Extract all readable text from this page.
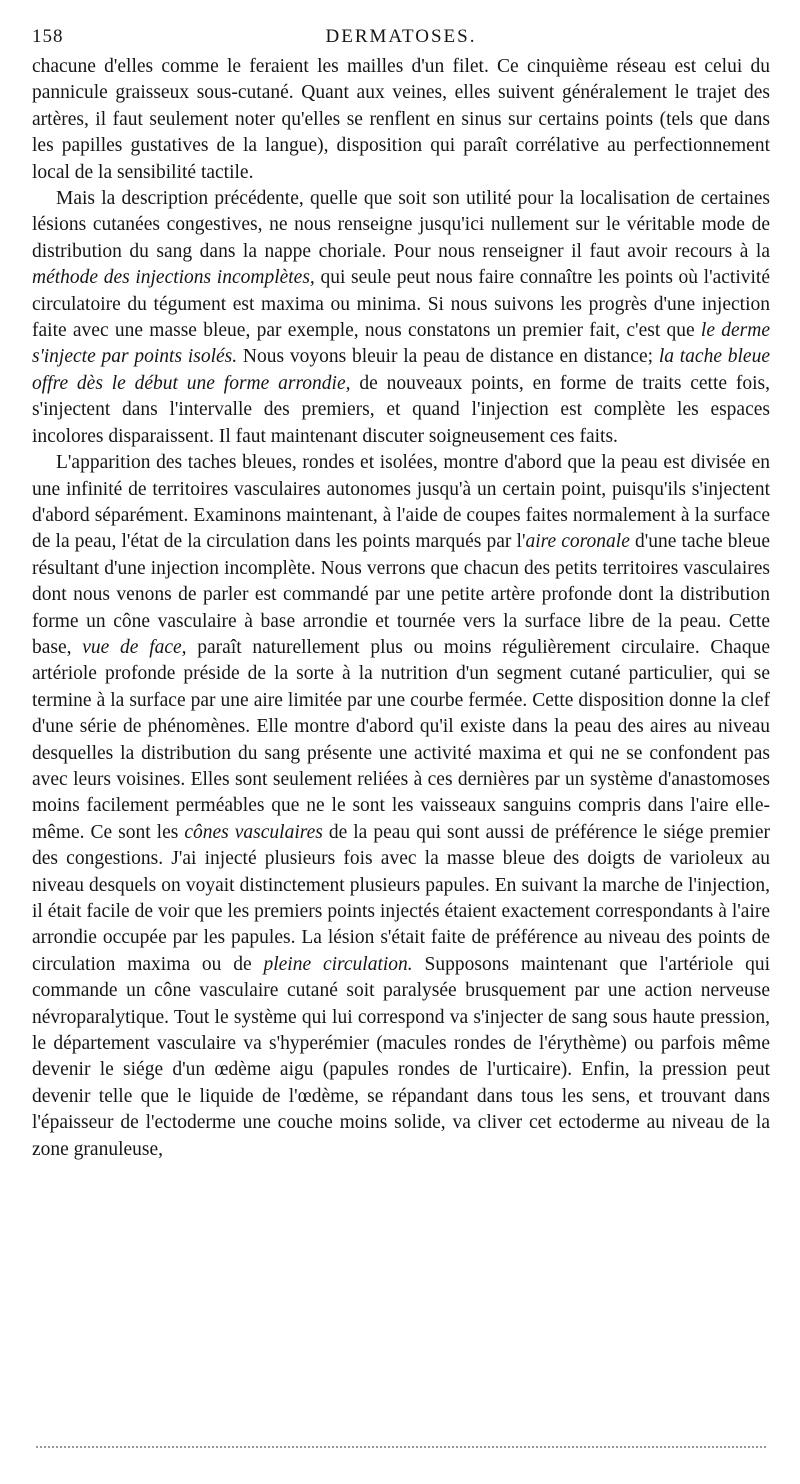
158	DERMATOSES.

chacune d'elles comme le feraient les mailles d'un filet. Ce cinquième réseau est celui du pannicule graisseux sous-cutané. Quant aux veines, elles suivent généralement le trajet des artères, il faut seulement noter qu'elles se renflent en sinus sur certains points (tels que dans les papilles gustatives de la langue), disposition qui paraît corrélative au perfectionnement local de la sensibilité tactile.

Mais la description précédente, quelle que soit son utilité pour la localisation de certaines lésions cutanées congestives, ne nous renseigne jusqu'ici nullement sur le véritable mode de distribution du sang dans la nappe choriale. Pour nous renseigner il faut avoir recours à la méthode des injections incomplètes, qui seule peut nous faire connaître les points où l'activité circulatoire du tégument est maxima ou minima. Si nous suivons les progrès d'une injection faite avec une masse bleue, par exemple, nous constatons un premier fait, c'est que le derme s'injecte par points isolés. Nous voyons bleuir la peau de distance en distance; la tache bleue offre dès le début une forme arrondie, de nouveaux points, en forme de traits cette fois, s'injectent dans l'intervalle des premiers, et quand l'injection est complète les espaces incolores disparaissent. Il faut maintenant discuter soigneusement ces faits.

L'apparition des taches bleues, rondes et isolées, montre d'abord que la peau est divisée en une infinité de territoires vasculaires autonomes jusqu'à un certain point, puisqu'ils s'injectent d'abord séparément. Examinons maintenant, à l'aide de coupes faites normalement à la surface de la peau, l'état de la circulation dans les points marqués par l'aire coronale d'une tache bleue résultant d'une injection incomplète. Nous verrons que chacun des petits territoires vasculaires dont nous venons de parler est commandé par une petite artère profonde dont la distribution forme un cône vasculaire à base arrondie et tournée vers la surface libre de la peau. Cette base, vue de face, paraît naturellement plus ou moins régulièrement circulaire. Chaque artériole profonde préside de la sorte à la nutrition d'un segment cutané particulier, qui se termine à la surface par une aire limitée par une courbe fermée. Cette disposition donne la clef d'une série de phénomènes. Elle montre d'abord qu'il existe dans la peau des aires au niveau desquelles la distribution du sang présente une activité maxima et qui ne se confondent pas avec leurs voisines. Elles sont seulement reliées à ces dernières par un système d'anastomoses moins facilement perméables que ne le sont les vaisseaux sanguins compris dans l'aire elle-même. Ce sont les cônes vasculaires de la peau qui sont aussi de préférence le siége premier des congestions. J'ai injecté plusieurs fois avec la masse bleue des doigts de varioleux au niveau desquels on voyait distinctement plusieurs papules. En suivant la marche de l'injection, il était facile de voir que les premiers points injectés étaient exactement correspondants à l'aire arrondie occupée par les papules. La lésion s'était faite de préférence au niveau des points de circulation maxima ou de pleine circulation. Supposons maintenant que l'artériole qui commande un cône vasculaire cutané soit paralysée brusquement par une action nerveuse névroparalytique. Tout le système qui lui correspond va s'injecter de sang sous haute pression, le département vasculaire va s'hyperémier (macules rondes de l'érythème) ou parfois même devenir le siége d'un œdème aigu (papules rondes de l'urticaire). Enfin, la pression peut devenir telle que le liquide de l'œdème, se répandant dans tous les sens, et trouvant dans l'épaisseur de l'ectoderme une couche moins solide, va cliver cet ectoderme au niveau de la zone granuleuse,
